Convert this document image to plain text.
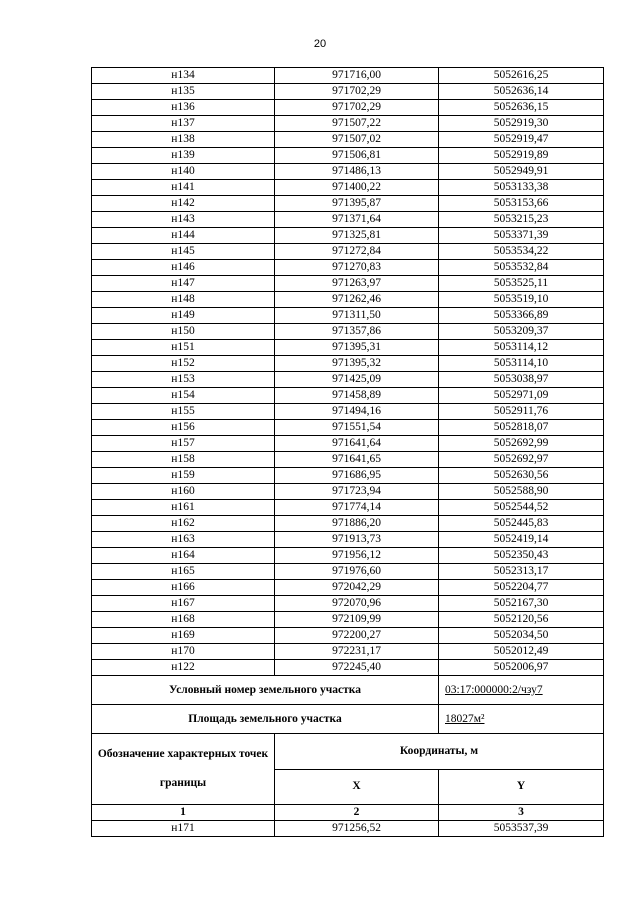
20
н134	971716,00	5052616,25
н135	971702,29	5052636,14
н136	971702,29	5052636,15
н137	971507,22	5052919,30
н138	971507,02	5052919,47
н139	971506,81	5052919,89
н140	971486,13	5052949,91
н141	971400,22	5053133,38
н142	971395,87	5053153,66
н143	971371,64	5053215,23
н144	971325,81	5053371,39
н145	971272,84	5053534,22
н146	971270,83	5053532,84
н147	971263,97	5053525,11
н148	971262,46	5053519,10
н149	971311,50	5053366,89
н150	971357,86	5053209,37
н151	971395,31	5053114,12
н152	971395,32	5053114,10
н153	971425,09	5053038,97
н154	971458,89	5052971,09
н155	971494,16	5052911,76
н156	971551,54	5052818,07
н157	971641,64	5052692,99
н158	971641,65	5052692,97
н159	971686,95	5052630,56
н160	971723,94	5052588,90
н161	971774,14	5052544,52
н162	971886,20	5052445,83
н163	971913,73	5052419,14
н164	971956,12	5052350,43
н165	971976,60	5052313,17
н166	972042,29	5052204,77
н167	972070,96	5052167,30
н168	972109,99	5052120,56
н169	972200,27	5052034,50
н170	972231,17	5052012,49
н122	972245,40	5052006,97
Условный номер земельного участка		03:17:000000:2/чзу7
Площадь земельного участка		18027м²
Обозначение характерных точек границы	Координаты, м	
	X	Y
1	2	3
н171	971256,52	5053537,39
